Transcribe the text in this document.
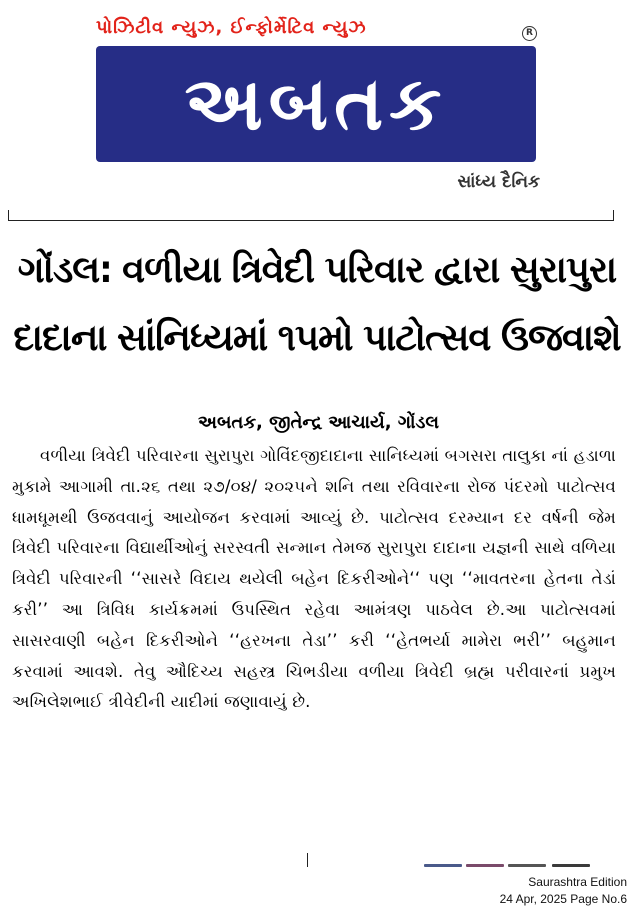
પોઝિટીવ ન્યુઝ, ઈન્ફોર્મેટિવ ન્યુઝ	R
અબતક
સાંધ્ય દૈનિક
ગોંડલ: વળીયા ત્રિવેદી પરિવાર દ્વારા સુરાપુરા
દાદાના સાંનિધ્યમાં ૧૫મો પાટોત્સવ ઉજવાશે
અબતક, જીતેન્દ્ર આચાર્ય, ગોંડલ
વળીયા ત્રિવેદી પરિવારના સુરાપુરા ગોવિંદજીદાદાના સાનિધ્યમાં બગસરા તાલુકા નાં હડાળા મુકામે આગામી તા.૨૬ તથા ૨૭/૦૪/ ૨૦૨૫ને શનિ તથા રવિવારના રોજ પંદરમો પાટોત્સવ ધામધૂમથી ઉજવવાનું આયોજન કરવામાં આવ્યું છે. પાટોત્સવ દરમ્યાન દર વર્ષની જેમ ત્રિવેદી પરિવારના વિદ્યાર્થીઓનું સરસ્વતી સન્માન તેમજ સુરાપુરા દાદાના યજ્ઞની સાથે વળિયા ત્રિવેદી પરિવારની ‘‘સાસરે વિદાય થયેલી બહેન દિકરીઓને‘‘ પણ ‘‘માવતરના હેતના તેડાં કરી’’ આ ત્રિવિધ કાર્યક્રમમાં ઉપસ્થિત રહેવા આમંત્રણ પાઠવેલ છે.આ પાટોત્સવમાં સાસરવાણી બહેન દિકરીઓને ‘‘હરખના તેડા’’ કરી ‘‘હેતભર્યા મામેરા ભરી’’ બહુમાન કરવામાં આવશે. તેવુ ઔદિચ્ય સહસ્ત્ર ચિભડીયા વળીયા ત્રિવેદી બ્રહ્મ પરીવારનાં પ્રમુખ અખિલેશભાઈ ત્રીવેદીની યાદીમાં જણાવાયું છે.
Saurashtra Edition
24 Apr, 2025 Page No.6
